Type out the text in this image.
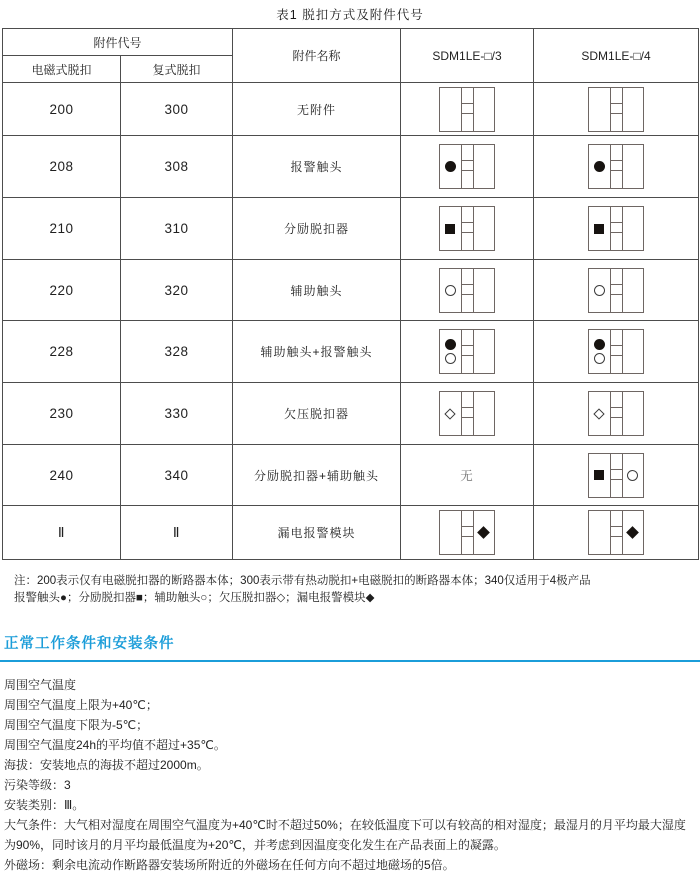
表1 脱扣方式及附件代号
附件代号		附件名称	SDM1LE-□/3	SDM1LE-□/4
电磁式脱扣	复式脱扣			
200	300	无附件	

208	308	报警触头	

210	310	分励脱扣器	

220	320	辅助触头	

228	328	辅助触头+报警触头	

230	330	欠压脱扣器	

240	340	分励脱扣器+辅助触头	无	

Ⅱ	Ⅱ	漏电报警模块	

注：200表示仅有电磁脱扣器的断路器本体；300表示带有热动脱扣+电磁脱扣的断路器本体；340仅适用于4极产品
报警触头●；分励脱扣器■；辅助触头○；欠压脱扣器◇；漏电报警模块◆
正常工作条件和安装条件
周围空气温度
周围空气温度上限为+40℃；
周围空气温度下限为-5℃；
周围空气温度24h的平均值不超过+35℃。
海拔：安装地点的海拔不超过2000m。
污染等级：3
安装类别：Ⅲ。
大气条件：大气相对湿度在周围空气温度为+40℃时不超过50%；在较低温度下可以有较高的相对湿度；最湿月的月平均最大湿度为90%，同时该月的月平均最低温度为+20℃，并考虑到因温度变化发生在产品表面上的凝露。
外磁场：剩余电流动作断路器安装场所附近的外磁场在任何方向不超过地磁场的5倍。
